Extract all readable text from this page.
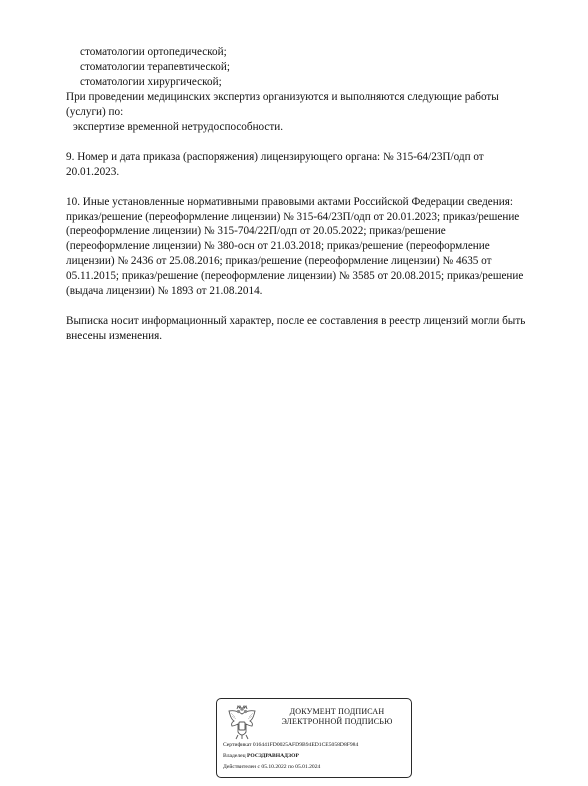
стоматологии ортопедической;
стоматологии терапевтической;
стоматологии хирургической;
При проведении медицинских экспертиз организуются и выполняются следующие работы
(услуги) по:
экспертизе временной нетрудоспособности.
9. Номер и дата приказа (распоряжения) лицензирующего органа: № 315-64/23П/одп от
20.01.2023.
10. Иные установленные нормативными правовыми актами Российской Федерации сведения:
приказ/решение (переоформление лицензии) № 315-64/23П/одп от 20.01.2023; приказ/решение
(переоформление лицензии) № 315-704/22П/одп от 20.05.2022; приказ/решение
(переоформление лицензии) № 380-осн от 21.03.2018; приказ/решение (переоформление
лицензии) № 2436 от 25.08.2016; приказ/решение (переоформление лицензии) № 4635 от
05.11.2015; приказ/решение (переоформление лицензии) № 3585 от 20.08.2015; приказ/решение
(выдача лицензии) № 1893 от 21.08.2014.
Выписка носит информационный характер, после ее составления в реестр лицензий могли быть
внесены изменения.
ДОКУМЕНТ ПОДПИСАН
ЭЛЕКТРОННОЙ ПОДПИСЬЮ
Сертификат 016441FD0025AFD9B94ED1CE5058D8F984
Владелец РОСЗДРАВНАДЗОР
Действителен с 05.10.2022 по 05.01.2024
